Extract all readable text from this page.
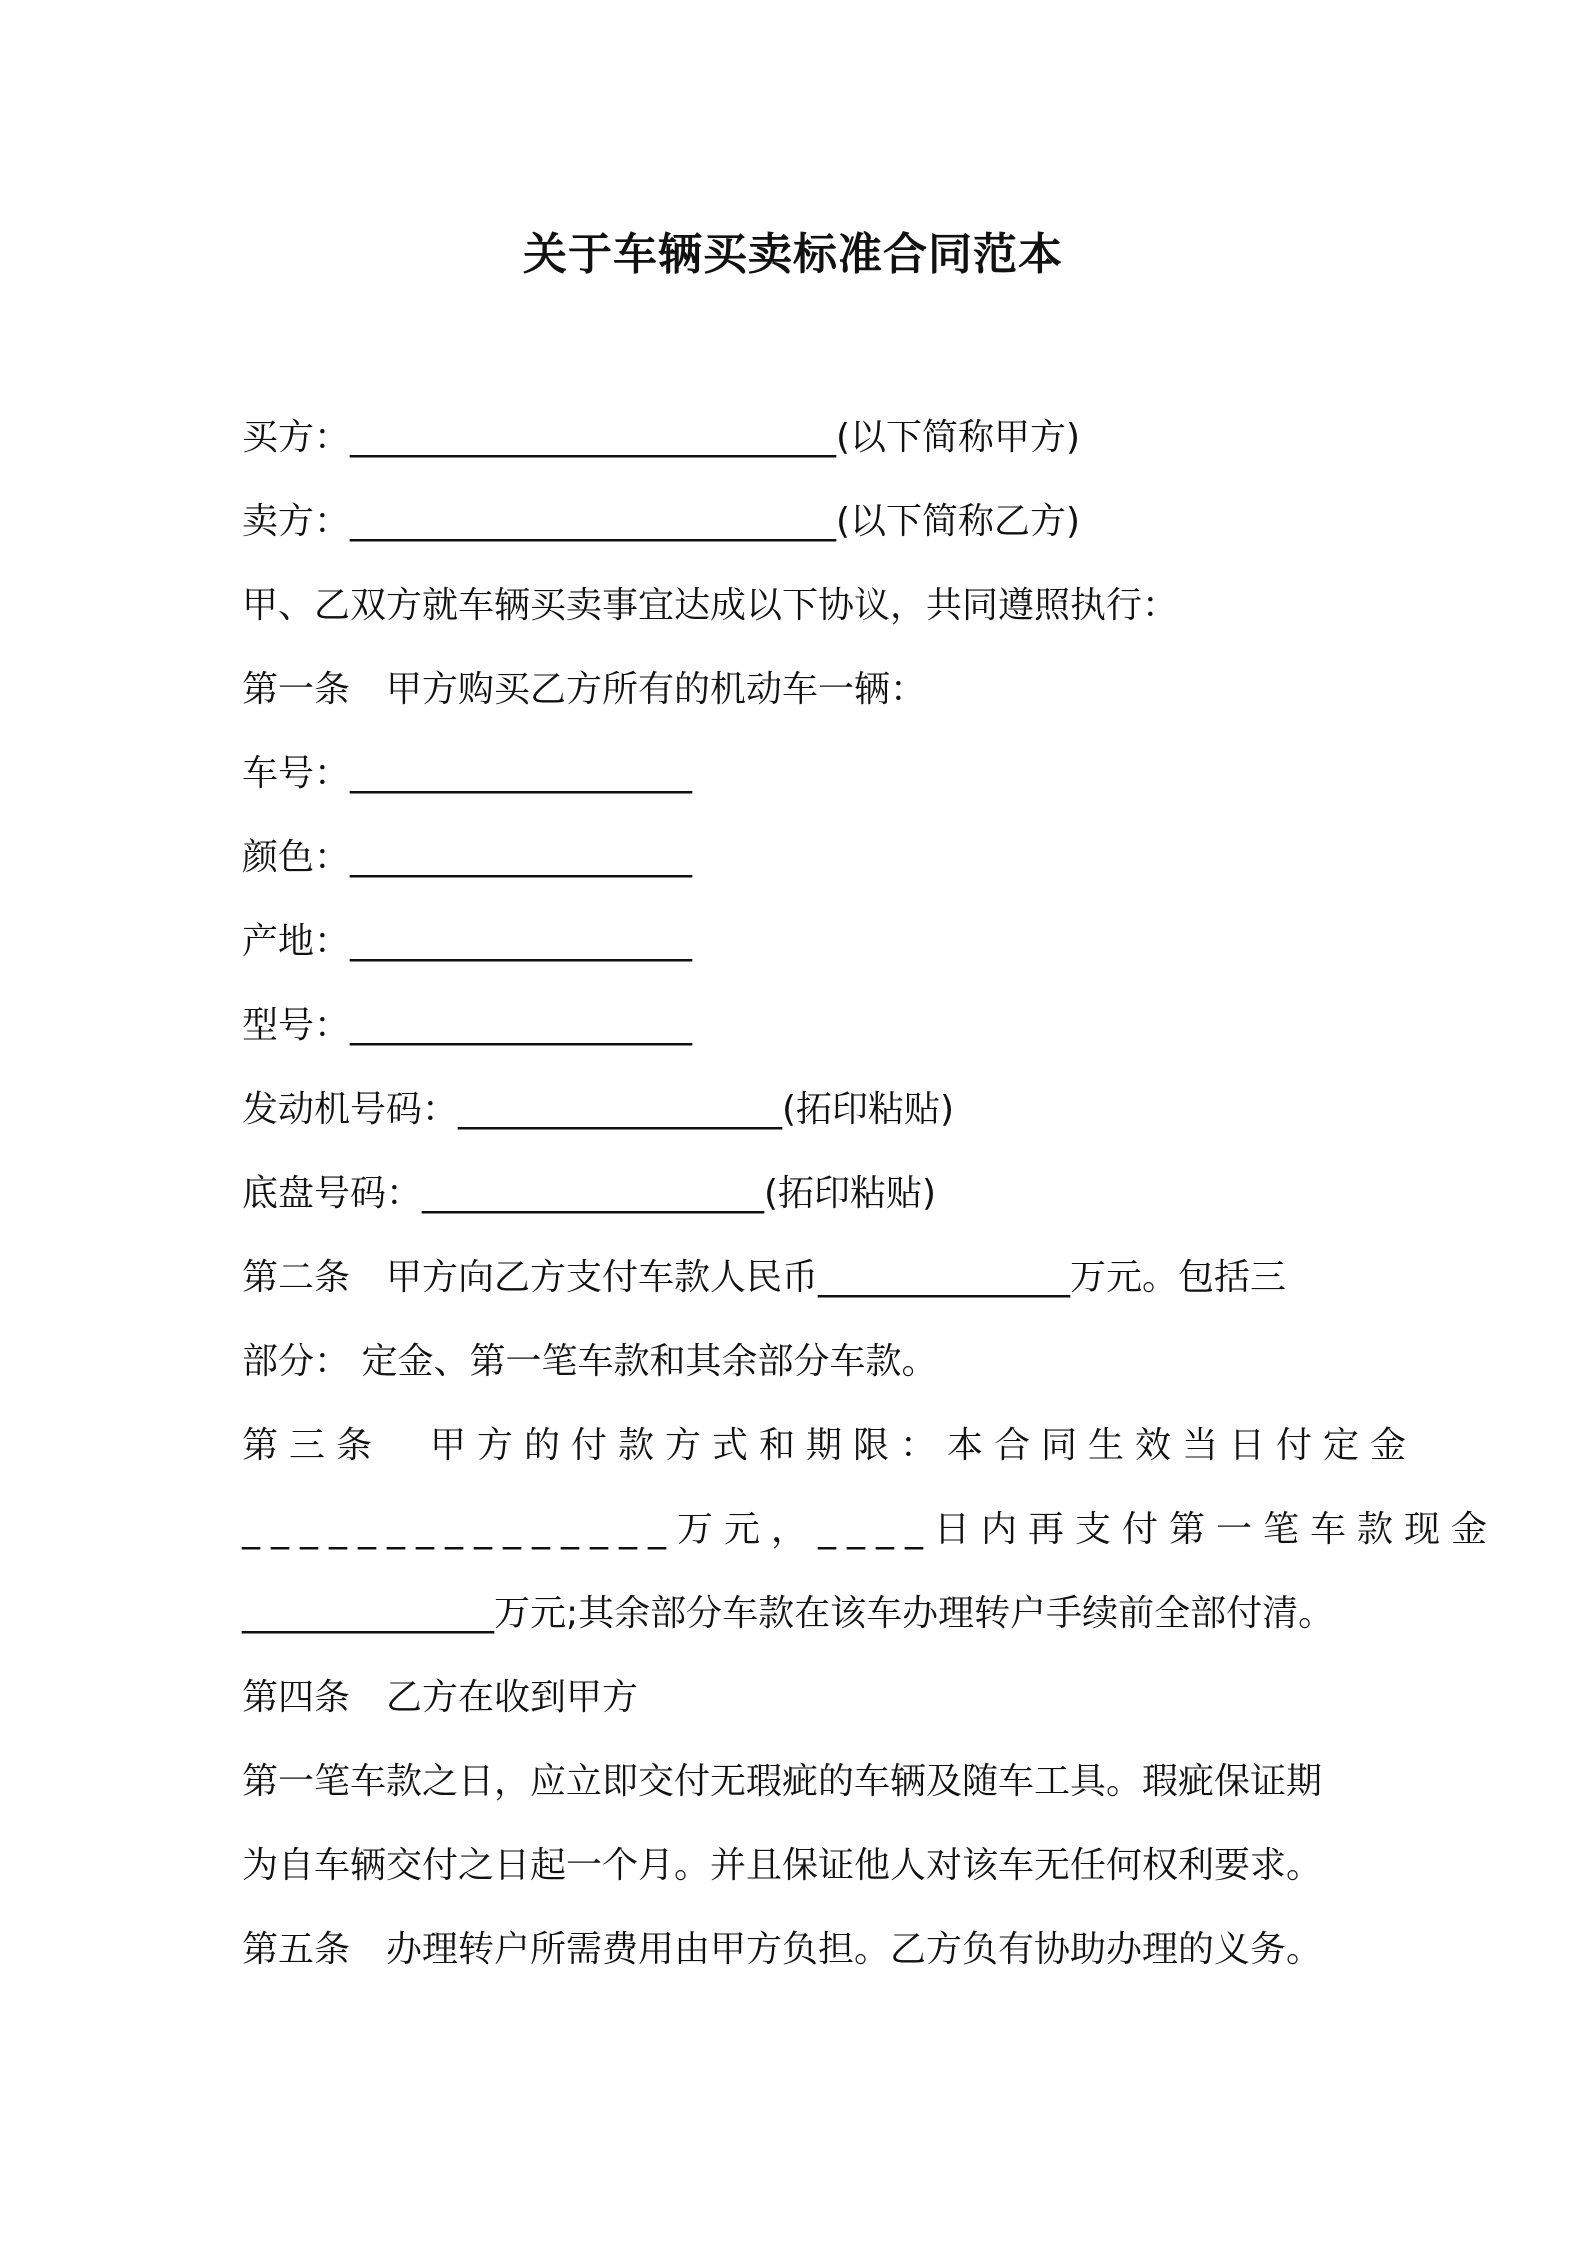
关于车辆买卖标准合同范本
买方：___________________________(以下简称甲方)
卖方：___________________________(以下简称乙方)
甲、乙双方就车辆买卖事宜达成以下协议，共同遵照执行：
第一条　甲方购买乙方所有的机动车一辆：
车号：___________________
颜色：___________________
产地：___________________
型号：___________________
发动机号码：__________________(拓印粘贴)
底盘号码：___________________(拓印粘贴)
第二条　甲方向乙方支付车款人民币______________万元。包括三
部分： 定金、第一笔车款和其余部分车款。
第三条　甲方的付款方式和期限：本合同生效当日付定金
_______________万元，____日内再支付第一笔车款现金
______________万元;其余部分车款在该车办理转户手续前全部付清。
第四条　乙方在收到甲方
第一笔车款之日，应立即交付无瑕疵的车辆及随车工具。瑕疵保证期
为自车辆交付之日起一个月。并且保证他人对该车无任何权利要求。
第五条　办理转户所需费用由甲方负担。乙方负有协助办理的义务。
